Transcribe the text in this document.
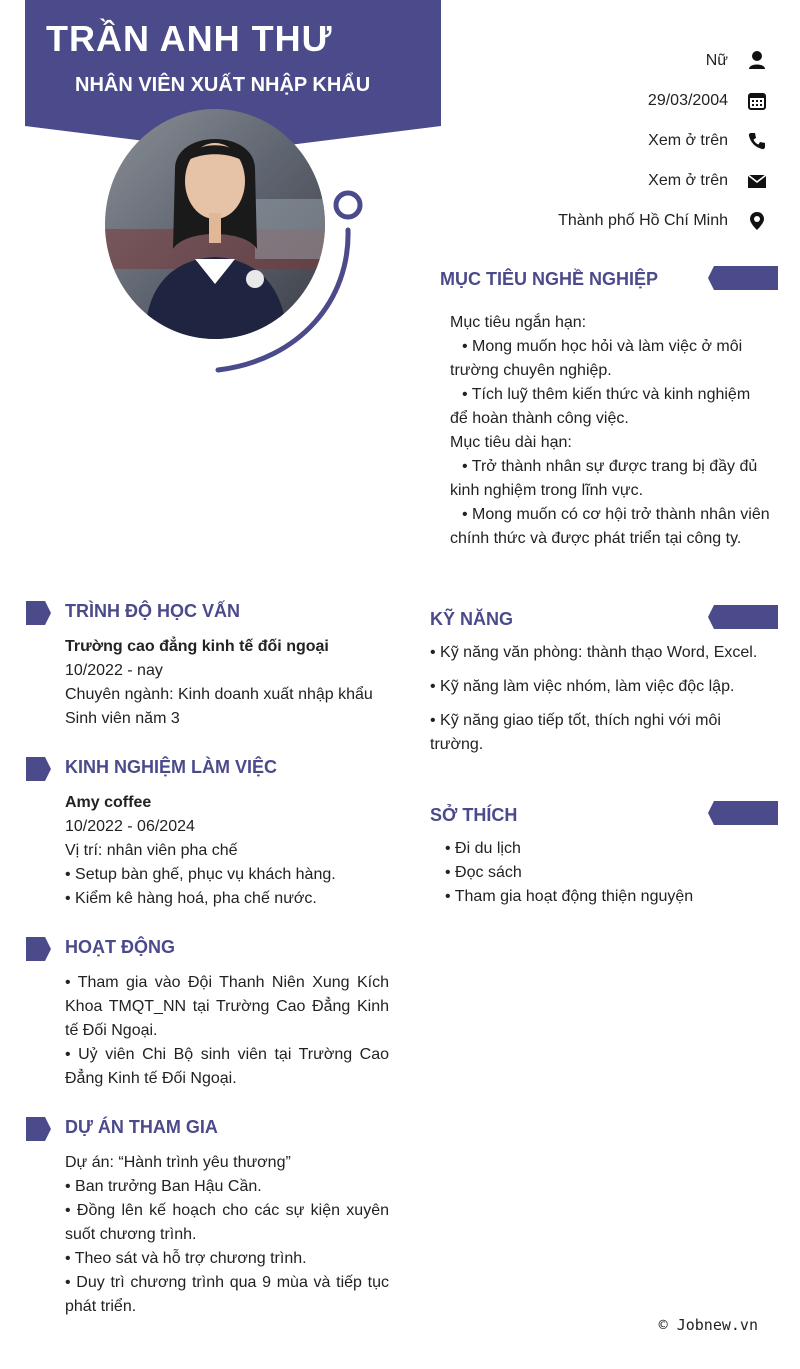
TRẦN ANH THƯ
NHÂN VIÊN XUẤT NHẬP KHẨU
Nữ
29/03/2004
Xem ở trên
Xem ở trên
Thành phố Hồ Chí Minh
MỤC TIÊU NGHỀ NGHIỆP

Mục tiêu ngắn hạn:

• Mong muốn học hỏi và làm việc ở môi trường chuyên nghiệp.

• Tích luỹ thêm kiến thức và kinh nghiệm để hoàn thành công việc.

Mục tiêu dài hạn:

• Trở thành nhân sự được trang bị đầy đủ kinh nghiệm trong lĩnh vực.

• Mong muốn có cơ hội trở thành nhân viên chính thức và được phát triển tại công ty.

TRÌNH ĐỘ HỌC VẤN

Trường cao đẳng kinh tế đối ngoại

10/2022 - nay

Chuyên ngành: Kinh doanh xuất nhập khẩu

Sinh viên năm 3

KINH NGHIỆM LÀM VIỆC

Amy coffee

10/2022 - 06/2024

Vị trí: nhân viên pha chế

• Setup bàn ghế, phục vụ khách hàng.

• Kiểm kê hàng hoá, pha chế nước.

HOẠT ĐỘNG

• Tham gia vào Đội Thanh Niên Xung Kích Khoa TMQT_NN tại Trường Cao Đẳng Kinh tế Đối Ngoại.

• Uỷ viên Chi Bộ sinh viên tại Trường Cao Đẳng Kinh tế Đối Ngoại.

DỰ ÁN THAM GIA

Dự án: “Hành trình yêu thương”

• Ban trưởng Ban Hậu Cần.

• Đồng lên kế hoạch cho các sự kiện xuyên suốt chương trình.

• Theo sát và hỗ trợ chương trình.

• Duy trì chương trình qua 9 mùa và tiếp tục phát triển.

KỸ NĂNG

• Kỹ năng văn phòng: thành thạo Word, Excel.

• Kỹ năng làm việc nhóm, làm việc độc lập.

• Kỹ năng giao tiếp tốt, thích nghi với môi trường.

SỞ THÍCH

• Đi du lịch

• Đọc sách

• Tham gia hoạt động thiện nguyện

© Jobnew.vn
